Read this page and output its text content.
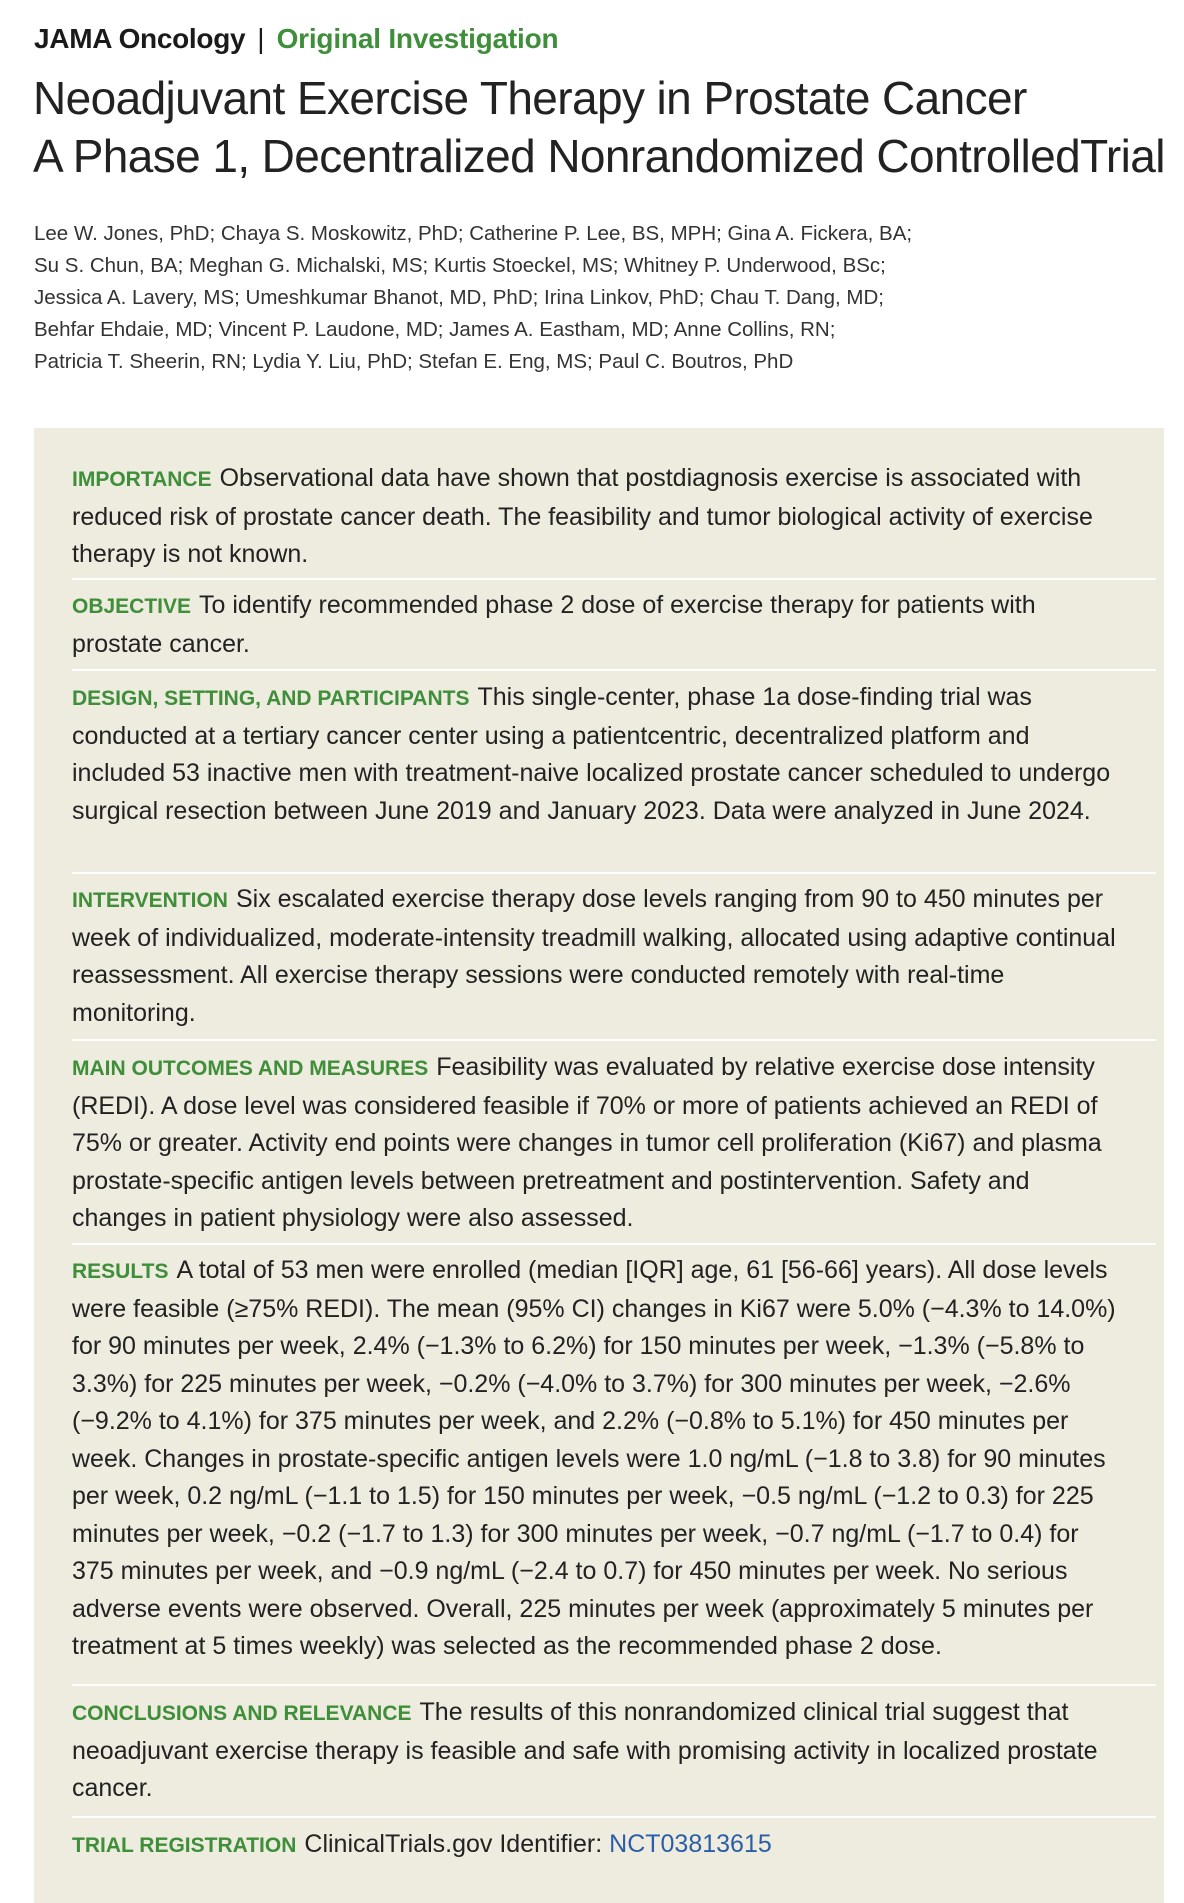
JAMA Oncology | Original Investigation
Neoadjuvant Exercise Therapy in Prostate Cancer
A Phase 1, Decentralized Nonrandomized ControlledTrial
Lee W. Jones, PhD; Chaya S. Moskowitz, PhD; Catherine P. Lee, BS, MPH; Gina A. Fickera, BA;
Su S. Chun, BA; Meghan G. Michalski, MS; Kurtis Stoeckel, MS; Whitney P. Underwood, BSc;
Jessica A. Lavery, MS; Umeshkumar Bhanot, MD, PhD; Irina Linkov, PhD; Chau T. Dang, MD;
Behfar Ehdaie, MD; Vincent P. Laudone, MD; James A. Eastham, MD; Anne Collins, RN;
Patricia T. Sheerin, RN; Lydia Y. Liu, PhD; Stefan E. Eng, MS; Paul C. Boutros, PhD
IMPORTANCE Observational data have shown that postdiagnosis exercise is associated with reduced risk of prostate cancer death. The feasibility and tumor biological activity of exercise therapy is not known.
OBJECTIVE To identify recommended phase 2 dose of exercise therapy for patients with prostate cancer.
DESIGN, SETTING, AND PARTICIPANTS This single-center, phase 1a dose-finding trial was conducted at a tertiary cancer center using a patientcentric, decentralized platform and included 53 inactive men with treatment-naive localized prostate cancer scheduled to undergo surgical resection between June 2019 and January 2023. Data were analyzed in June 2024.
INTERVENTION Six escalated exercise therapy dose levels ranging from 90 to 450 minutes per week of individualized, moderate-intensity treadmill walking, allocated using adaptive continual reassessment. All exercise therapy sessions were conducted remotely with real-time monitoring.
MAIN OUTCOMES AND MEASURES Feasibility was evaluated by relative exercise dose intensity (REDI). A dose level was considered feasible if 70% or more of patients achieved an REDI of 75% or greater. Activity end points were changes in tumor cell proliferation (Ki67) and plasma prostate-specific antigen levels between pretreatment and postintervention. Safety and changes in patient physiology were also assessed.
RESULTS A total of 53 men were enrolled (median [IQR] age, 61 [56-66] years). All dose levels were feasible (≥75% REDI). The mean (95% CI) changes in Ki67 were 5.0% (−4.3% to 14.0%) for 90 minutes per week, 2.4% (−1.3% to 6.2%) for 150 minutes per week, −1.3% (−5.8% to 3.3%) for 225 minutes per week, −0.2% (−4.0% to 3.7%) for 300 minutes per week, −2.6% (−9.2% to 4.1%) for 375 minutes per week, and 2.2% (−0.8% to 5.1%) for 450 minutes per week. Changes in prostate-specific antigen levels were 1.0 ng/mL (−1.8 to 3.8) for 90 minutes per week, 0.2 ng/mL (−1.1 to 1.5) for 150 minutes per week, −0.5 ng/mL (−1.2 to 0.3) for 225 minutes per week, −0.2 (−1.7 to 1.3) for 300 minutes per week, −0.7 ng/mL (−1.7 to 0.4) for 375 minutes per week, and −0.9 ng/mL (−2.4 to 0.7) for 450 minutes per week. No serious adverse events were observed. Overall, 225 minutes per week (approximately 5 minutes per treatment at 5 times weekly) was selected as the recommended phase 2 dose.
CONCLUSIONS AND RELEVANCE The results of this nonrandomized clinical trial suggest that neoadjuvant exercise therapy is feasible and safe with promising activity in localized prostate cancer.
TRIAL REGISTRATION ClinicalTrials.gov Identifier: NCT03813615
